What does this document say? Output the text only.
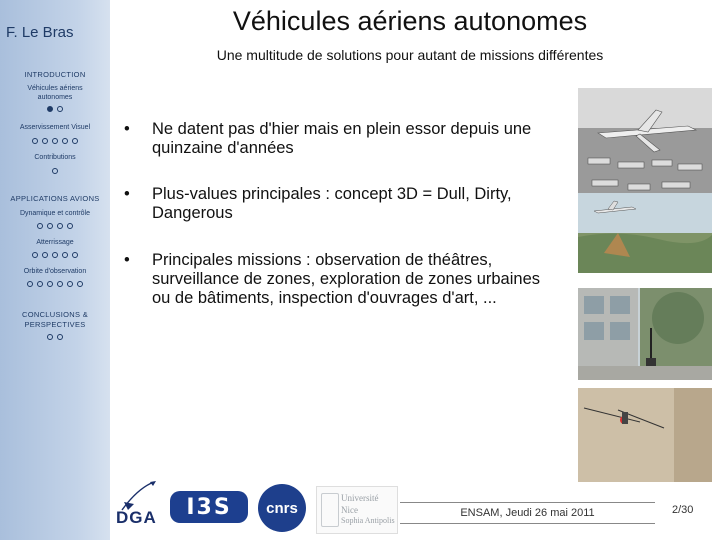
F. Le Bras
INTRODUCTION
Véhicules aériens autonomes
Asservissement Visuel
Contributions
APPLICATIONS AVIONS
Dynamique et contrôle
Atterrissage
Orbite d'observation
CONCLUSIONS & PERSPECTIVES
Véhicules aériens autonomes
Une multitude de solutions pour autant de missions différentes
•	Ne datent pas d'hier mais en plein essor depuis une quinzaine d'années
•	Plus-values principales : concept 3D = Dull, Dirty, Dangerous
•	Principales missions : observation de théâtres, surveillance de zones, exploration de zones urbaines ou de bâtiments, inspection d'ouvrages d'art, ...
DGA I3S cnrs
Université
Nice
Sophia Antipolis
ENSAM, Jeudi 26 mai 2011	2/30
